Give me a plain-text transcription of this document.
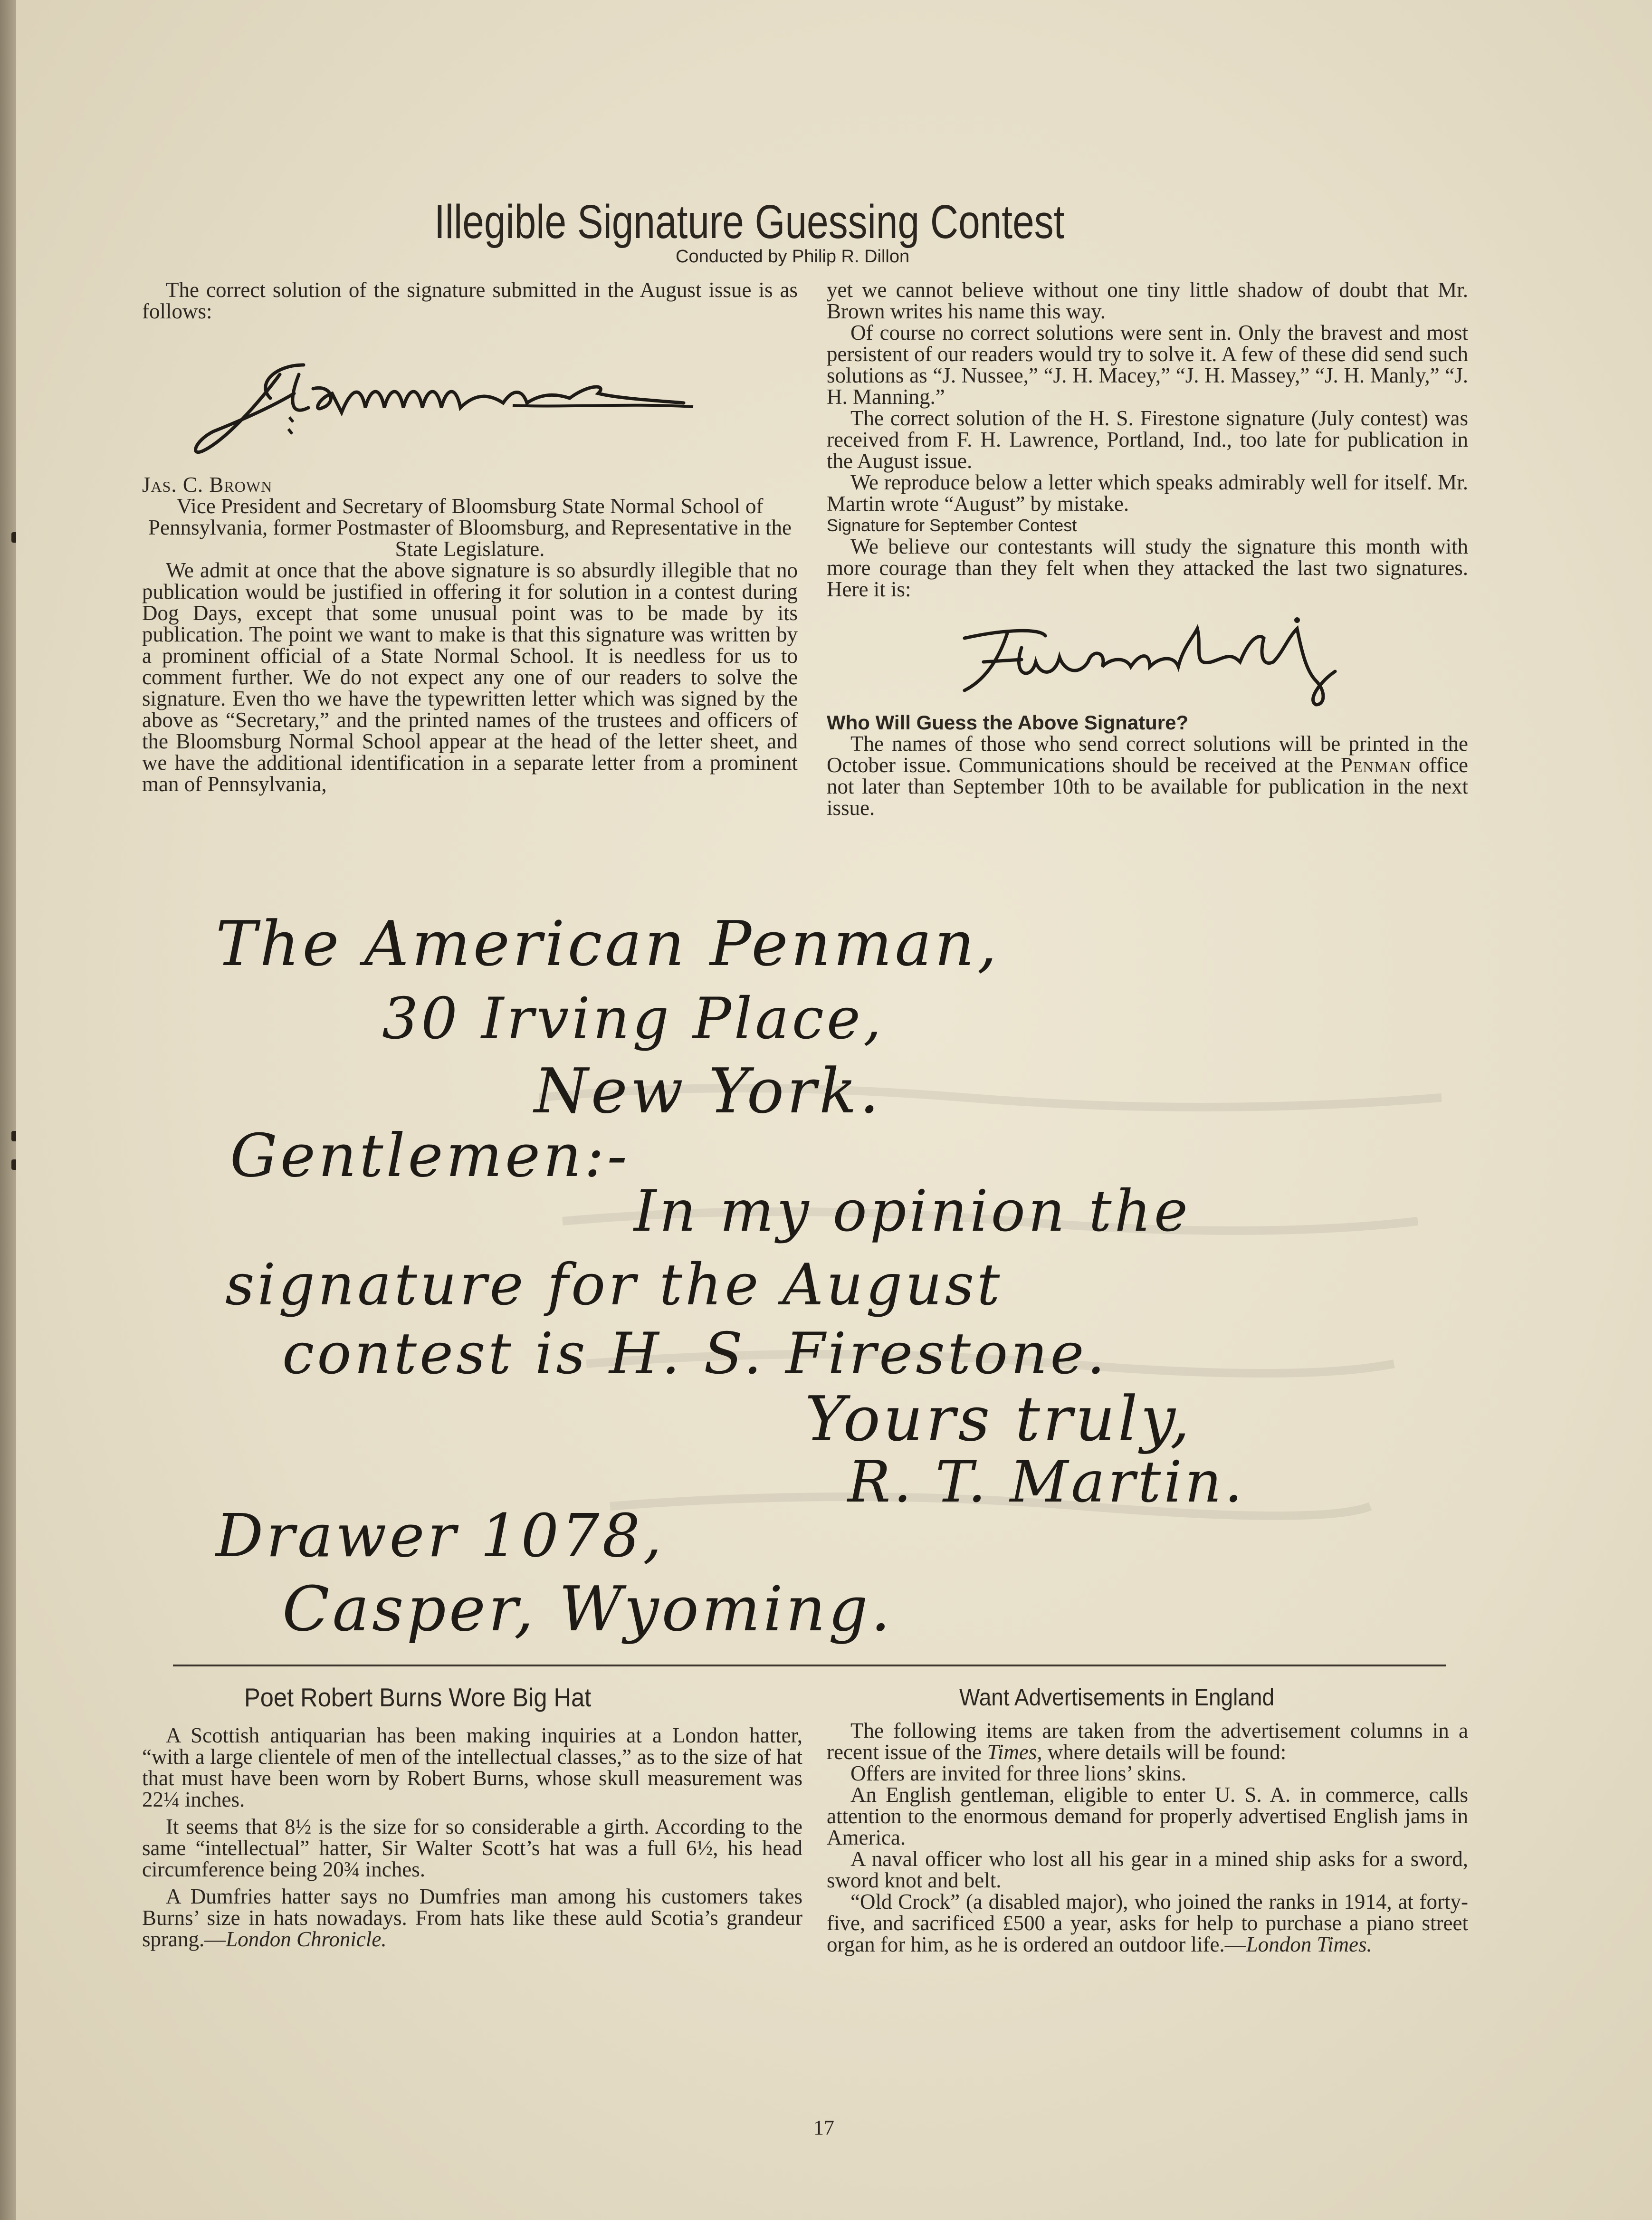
Illegible Signature Guessing Contest
Conducted by Philip R. Dillon

The correct solution of the signature submitted in the August issue is as follows:

Jas. C. Brown

Vice President and Secretary of Bloomsburg State Normal School of Pennsylvania, former Postmaster of Bloomsburg, and Representative in the State Legislature.

We admit at once that the above signature is so absurdly illegible that no publication would be justified in offering it for solution in a contest during Dog Days, except that some unusual point was to be made by its publication. The point we want to make is that this signature was written by a prominent official of a State Normal School. It is needless for us to comment further. We do not expect any one of our readers to solve the signature. Even tho we have the typewritten letter which was signed by the above as “Secretary,” and the printed names of the trustees and officers of the Bloomsburg Normal School appear at the head of the letter sheet, and we have the additional identification in a separate letter from a prominent man of Pennsylvania,

yet we cannot believe without one tiny little shadow of doubt that Mr. Brown writes his name this way.

Of course no correct solutions were sent in. Only the bravest and most persistent of our readers would try to solve it. A few of these did send such solutions as “J. Nussee,” “J. H. Macey,” “J. H. Massey,” “J. H. Manly,” “J. H. Manning.”

The correct solution of the H. S. Firestone signature (July contest) was received from F. H. Lawrence, Portland, Ind., too late for publication in the August issue.

We reproduce below a letter which speaks admirably well for itself. Mr. Martin wrote “August” by mistake.

Signature for September Contest

We believe our contestants will study the signature this month with more courage than they felt when they attacked the last two signatures. Here it is:

Who Will Guess the Above Signature?

The names of those who send correct solutions will be printed in the October issue. Communications should be received at the Penman office not later than September 10th to be available for publication in the next issue.

The American Penman,
30 Irving Place,
New York.
Gentlemen:-
In my opinion the
signature for the August
contest is H. S. Firestone.
Yours truly,
R. T. Martin.
Drawer 1078,
Casper, Wyoming.
Poet Robert Burns Wore Big Hat

A Scottish antiquarian has been making inquiries at a London hatter, “with a large clientele of men of the intellectual classes,” as to the size of hat that must have been worn by Robert Burns, whose skull measurement was 22¼ inches.

It seems that 8½ is the size for so considerable a girth. According to the same “intellectual” hatter, Sir Walter Scott’s hat was a full 6½, his head circumference being 20¾ inches.

A Dumfries hatter says no Dumfries man among his customers takes Burns’ size in hats nowadays. From hats like these auld Scotia’s grandeur sprang.—London Chronicle.

Want Advertisements in England

The following items are taken from the advertisement columns in a recent issue of the Times, where details will be found:

Offers are invited for three lions’ skins.

An English gentleman, eligible to enter U. S. A. in commerce, calls attention to the enormous demand for properly advertised English jams in America.

A naval officer who lost all his gear in a mined ship asks for a sword, sword knot and belt.

“Old Crock” (a disabled major), who joined the ranks in 1914, at forty-five, and sacrificed £500 a year, asks for help to purchase a piano street organ for him, as he is ordered an outdoor life.—London Times.

17
